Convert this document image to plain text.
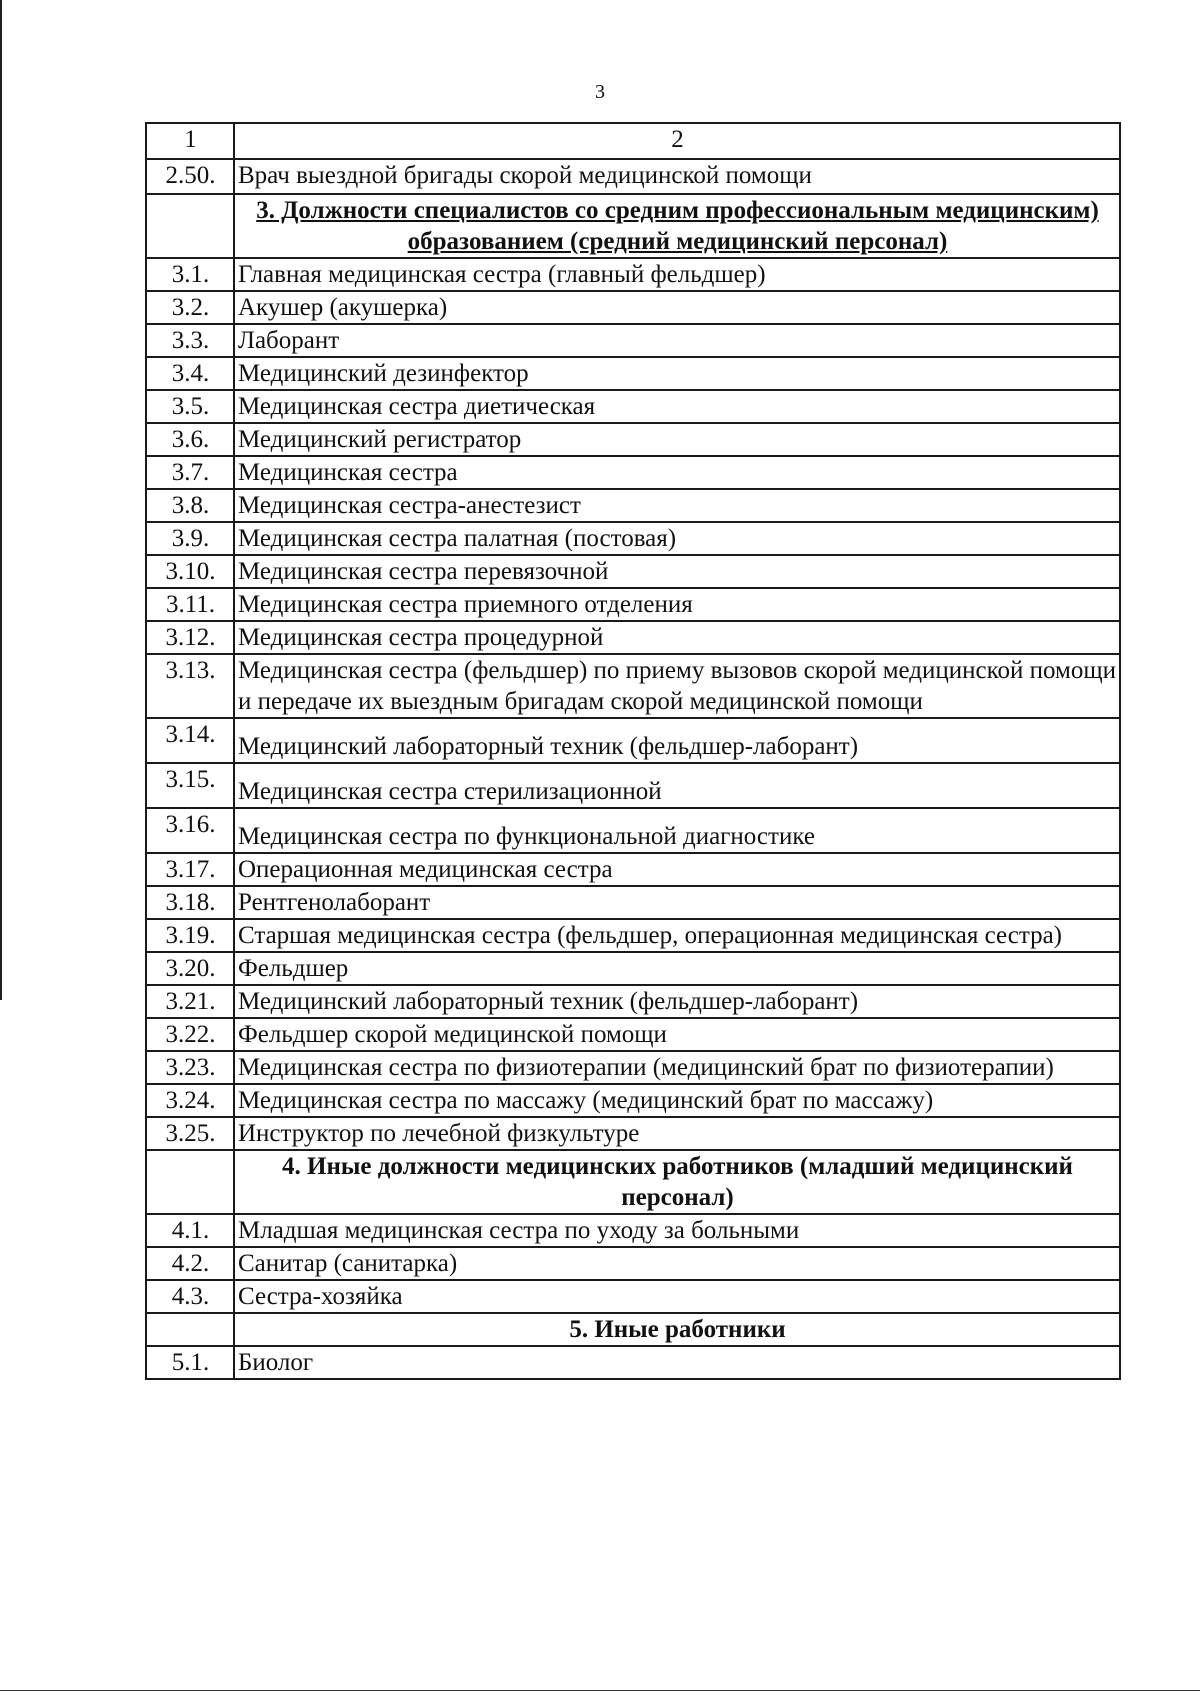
3
1	2
2.50.	Врач выездной бригады скорой медицинской помощи
	3. Должности специалистов со средним профессиональным медицинским) образованием (средний медицинский персонал)
3.1.	Главная медицинская сестра (главный фельдшер)
3.2.	Акушер (акушерка)
3.3.	Лаборант
3.4.	Медицинский дезинфектор
3.5.	Медицинская сестра диетическая
3.6.	Медицинский регистратор
3.7.	Медицинская сестра
3.8.	Медицинская сестра-анестезист
3.9.	Медицинская сестра палатная (постовая)
3.10.	Медицинская сестра перевязочной
3.11.	Медицинская сестра приемного отделения
3.12.	Медицинская сестра процедурной
3.13.	Медицинская сестра (фельдшер) по приему вызовов скорой медицинской помощи и передаче их выездным бригадам скорой медицинской помощи
3.14.	Медицинский лабораторный техник (фельдшер-лаборант)
3.15.	Медицинская сестра стерилизационной
3.16.	Медицинская сестра по функциональной диагностике
3.17.	Операционная медицинская сестра
3.18.	Рентгенолаборант
3.19.	Старшая медицинская сестра (фельдшер, операционная медицинская сестра)
3.20.	Фельдшер
3.21.	Медицинский лабораторный техник (фельдшер-лаборант)
3.22.	Фельдшер скорой медицинской помощи
3.23.	Медицинская сестра по физиотерапии (медицинский брат по физиотерапии)
3.24.	Медицинская сестра по массажу (медицинский брат по массажу)
3.25.	Инструктор по лечебной физкультуре
	4. Иные должности медицинских работников (младший медицинский персонал)
4.1.	Младшая медицинская сестра по уходу за больными
4.2.	Санитар (санитарка)
4.3.	Сестра-хозяйка
	5. Иные работники
5.1.	Биолог
